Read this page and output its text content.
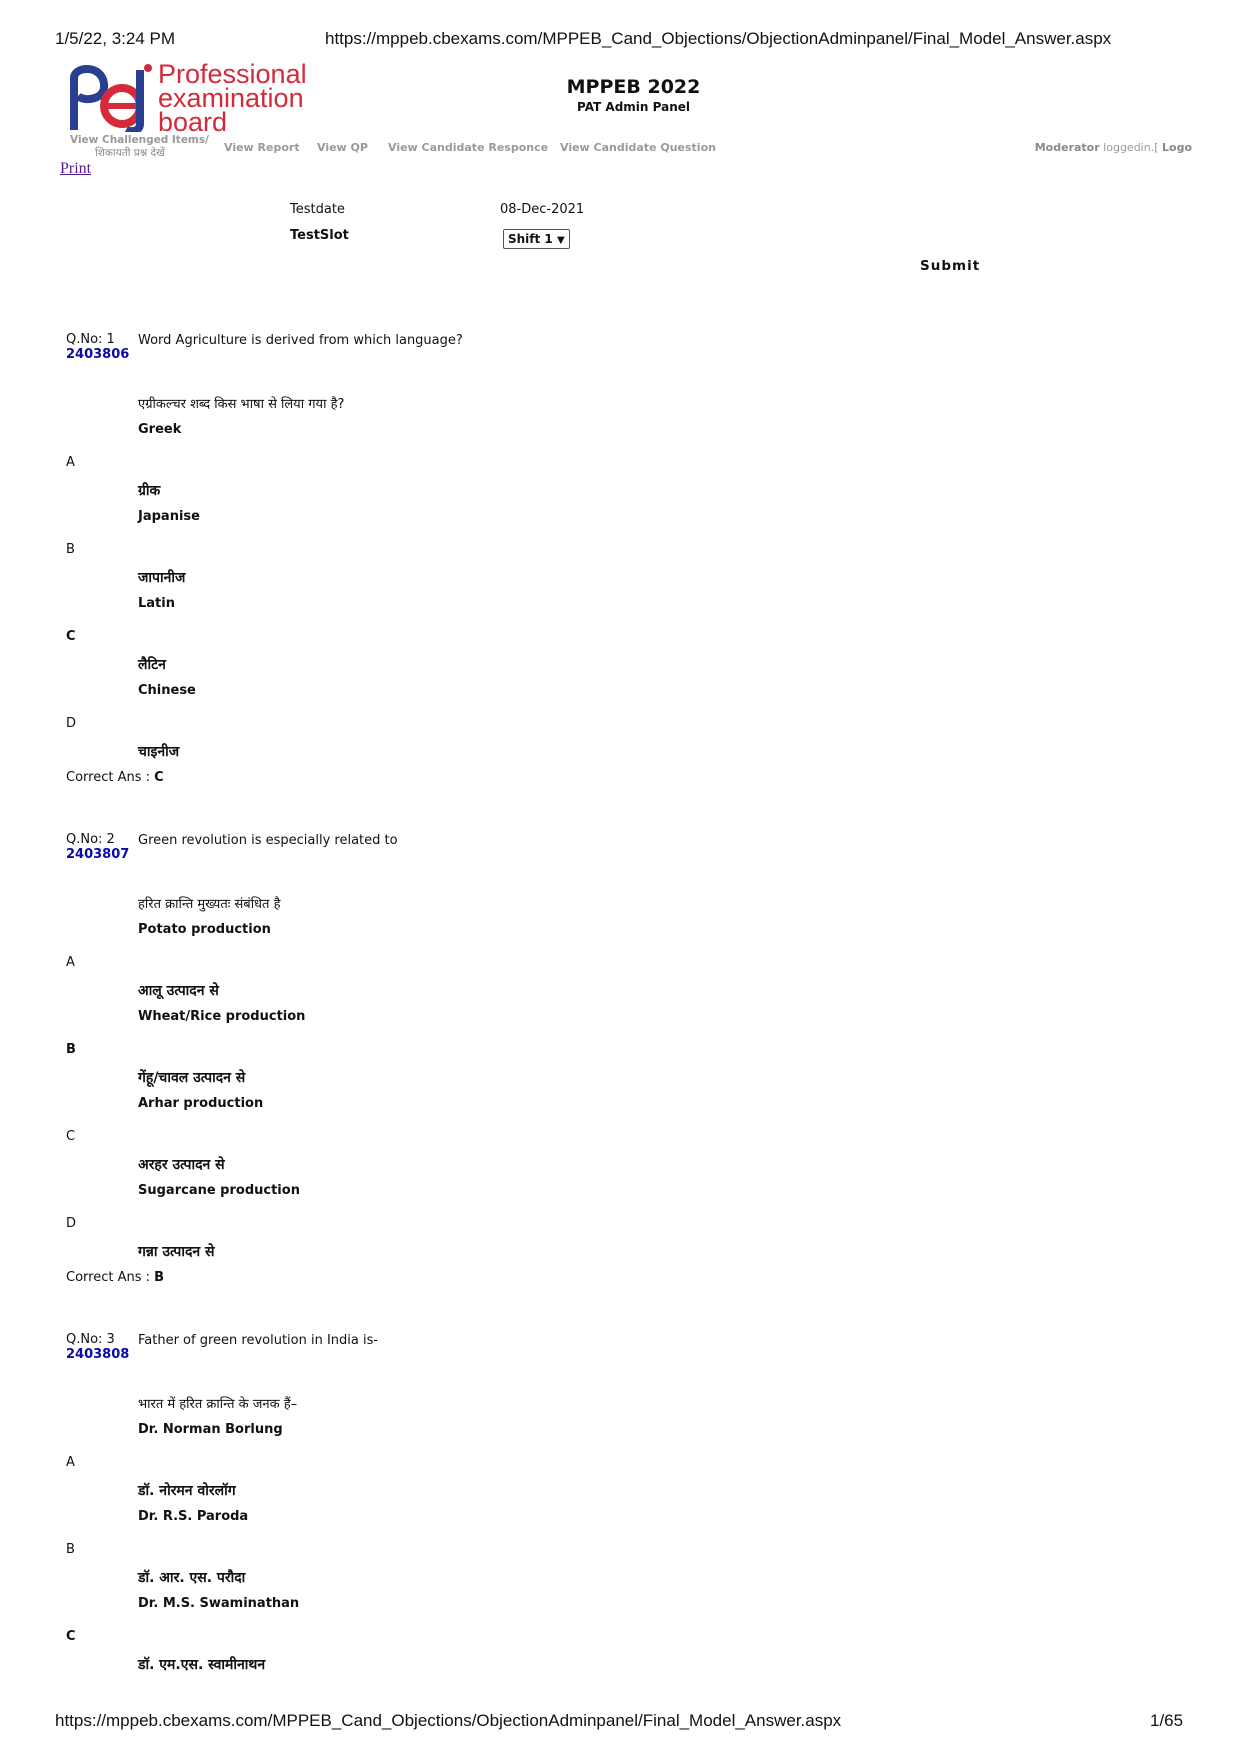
1/5/22, 3:24 PM	https://mppeb.cbexams.com/MPPEB_Cand_Objections/ObjectionAdminpanel/Final_Model_Answer.aspx
Professional
examination
board
View Challenged Items/
शिकायती प्रश्न देखें
MPPEB 2022
PAT Admin Panel
View Report View QP View Candidate Responce View Candidate Question	Moderator loggedin.[ Logo
Print
Testdate	08-Dec-2021
TestSlot	Shift 1 ▼
Submit
Q.No: 1
2403806
Word Agriculture is derived from which language?
एग्रीकल्चर शब्द किस भाषा से लिया गया है?
Greek
A
ग्रीक
Japanise
B
जापानीज
Latin
C
लैटिन
Chinese
D
चाइनीज
Correct Ans : C
Q.No: 2
2403807
Green revolution is especially related to
हरित क्रान्ति मुख्यतः संबंधित है
Potato production
A
आलू उत्पादन से
Wheat/Rice production
B
गेंहू/चावल उत्पादन से
Arhar production
C
अरहर उत्पादन से
Sugarcane production
D
गन्ना उत्पादन से
Correct Ans : B
Q.No: 3
2403808
Father of green revolution in India is-
भारत में हरित क्रान्ति के जनक हैं–
Dr. Norman Borlung
A
डॉ. नोरमन वोरलॉग
Dr. R.S. Paroda
B
डॉ. आर. एस. परौदा
Dr. M.S. Swaminathan
C
डॉ. एम.एस. स्वामीनाथन
https://mppeb.cbexams.com/MPPEB_Cand_Objections/ObjectionAdminpanel/Final_Model_Answer.aspx	1/65
